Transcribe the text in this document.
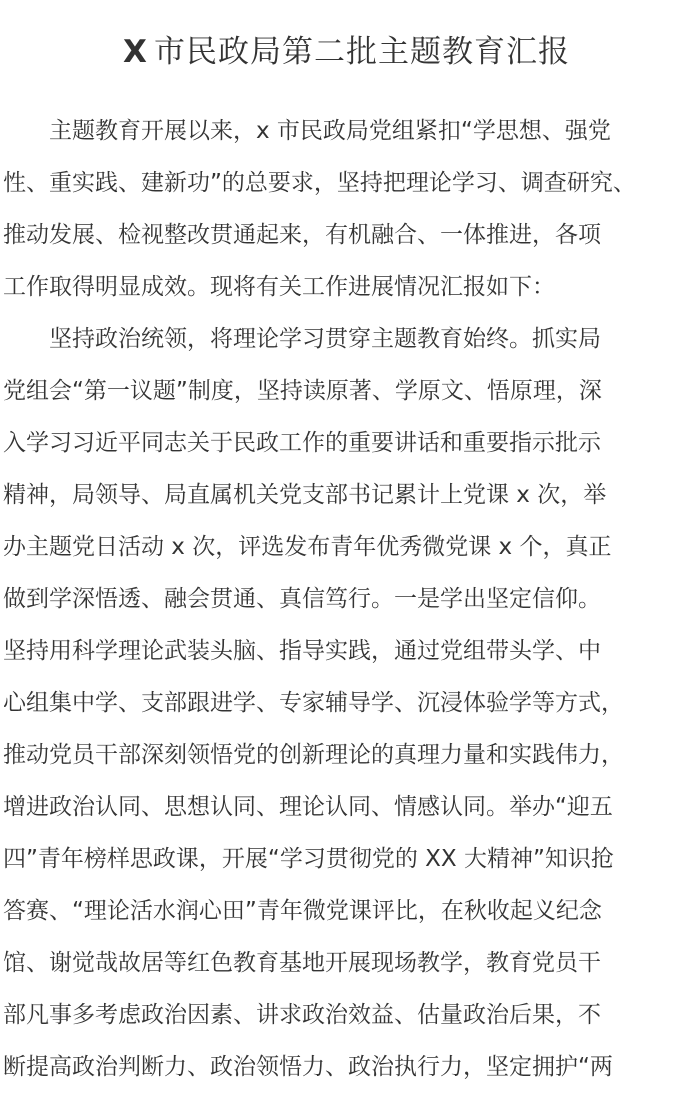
X 市民政局第二批主题教育汇报
　　主题教育开展以来，x 市民政局党组紧扣“学思想、强党
性、重实践、建新功”的总要求，坚持把理论学习、调查研究、
推动发展、检视整改贯通起来，有机融合、一体推进，各项
工作取得明显成效。现将有关工作进展情况汇报如下：
　　坚持政治统领，将理论学习贯穿主题教育始终。抓实局
党组会“第一议题”制度，坚持读原著、学原文、悟原理，深
入学习习近平同志关于民政工作的重要讲话和重要指示批示
精神，局领导、局直属机关党支部书记累计上党课 x 次，举
办主题党日活动 x 次，评选发布青年优秀微党课 x 个，真正
做到学深悟透、融会贯通、真信笃行。一是学出坚定信仰。
坚持用科学理论武装头脑、指导实践，通过党组带头学、中
心组集中学、支部跟进学、专家辅导学、沉浸体验学等方式，
推动党员干部深刻领悟党的创新理论的真理力量和实践伟力，
增进政治认同、思想认同、理论认同、情感认同。举办“迎五
四”青年榜样思政课，开展“学习贯彻党的 XX 大精神”知识抢
答赛、“理论活水润心田”青年微党课评比，在秋收起义纪念
馆、谢觉哉故居等红色教育基地开展现场教学，教育党员干
部凡事多考虑政治因素、讲求政治效益、估量政治后果，不
断提高政治判断力、政治领悟力、政治执行力，坚定拥护“两
